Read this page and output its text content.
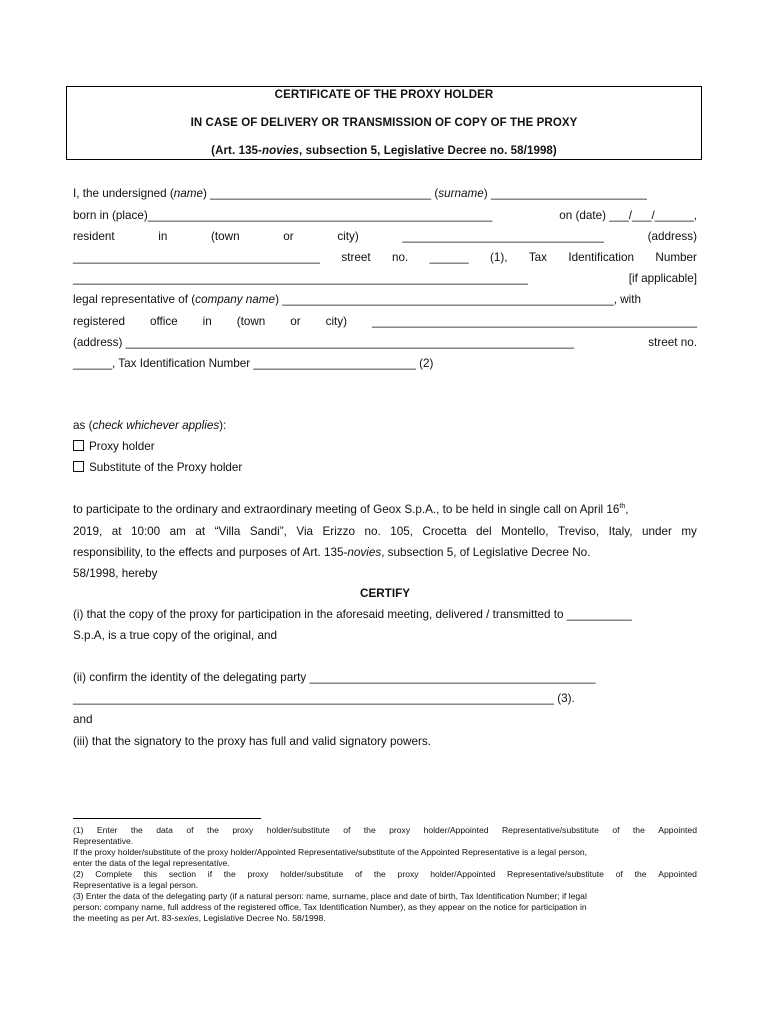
CERTIFICATE OF THE PROXY HOLDER
IN CASE OF DELIVERY OR TRANSMISSION OF COPY OF THE PROXY
(Art. 135-novies, subsection 5, Legislative Decree no. 58/1998)
I, the undersigned (name) __________________________________ (surname) ________________________
born in (place)_____________________________________________________	on (date) ___/___/______,
resident	in	(town	or	city)	_______________________________	(address)
______________________________________ street no. ______ (1), Tax Identification Number
______________________________________________________________________	[if applicable]
legal representative of (company name) ___________________________________________________, with
registered office in (town or city) __________________________________________________
(address) _____________________________________________________________________	street no.
______, Tax Identification Number _________________________ (2)
as (check whichever applies):
Proxy holder
Substitute of the Proxy holder
to participate to the ordinary and extraordinary meeting of Geox S.p.A., to be held in single call on April 16th,
2019, at 10:00 am at “Villa Sandi”, Via Erizzo no. 105, Crocetta del Montello, Treviso, Italy, under my
responsibility, to the effects and purposes of Art. 135-novies, subsection 5, of Legislative Decree No.
58/1998, hereby
CERTIFY
(i) that the copy of the proxy for participation in the aforesaid meeting, delivered / transmitted to __________
S.p.A, is a true copy of the original, and
(ii) confirm the identity of the delegating party ____________________________________________
__________________________________________________________________________ (3).
and
(iii) that the signatory to the proxy has full and valid signatory powers.
(1) Enter the data of the proxy holder/substitute of the proxy holder/Appointed Representative/substitute of the Appointed
Representative.
If the proxy holder/substitute of the proxy holder/Appointed Representative/substitute of the Appointed Representative is a legal person,
enter the data of the legal representative.
(2) Complete this section if the proxy holder/substitute of the proxy holder/Appointed Representative/substitute of the Appointed
Representative is a legal person.
(3) Enter the data of the delegating party (if a natural person: name, surname, place and date of birth, Tax Identification Number; if legal
person: company name, full address of the registered office, Tax Identification Number), as they appear on the notice for participation in
the meeting as per Art. 83-sexies, Legislative Decree No. 58/1998.
